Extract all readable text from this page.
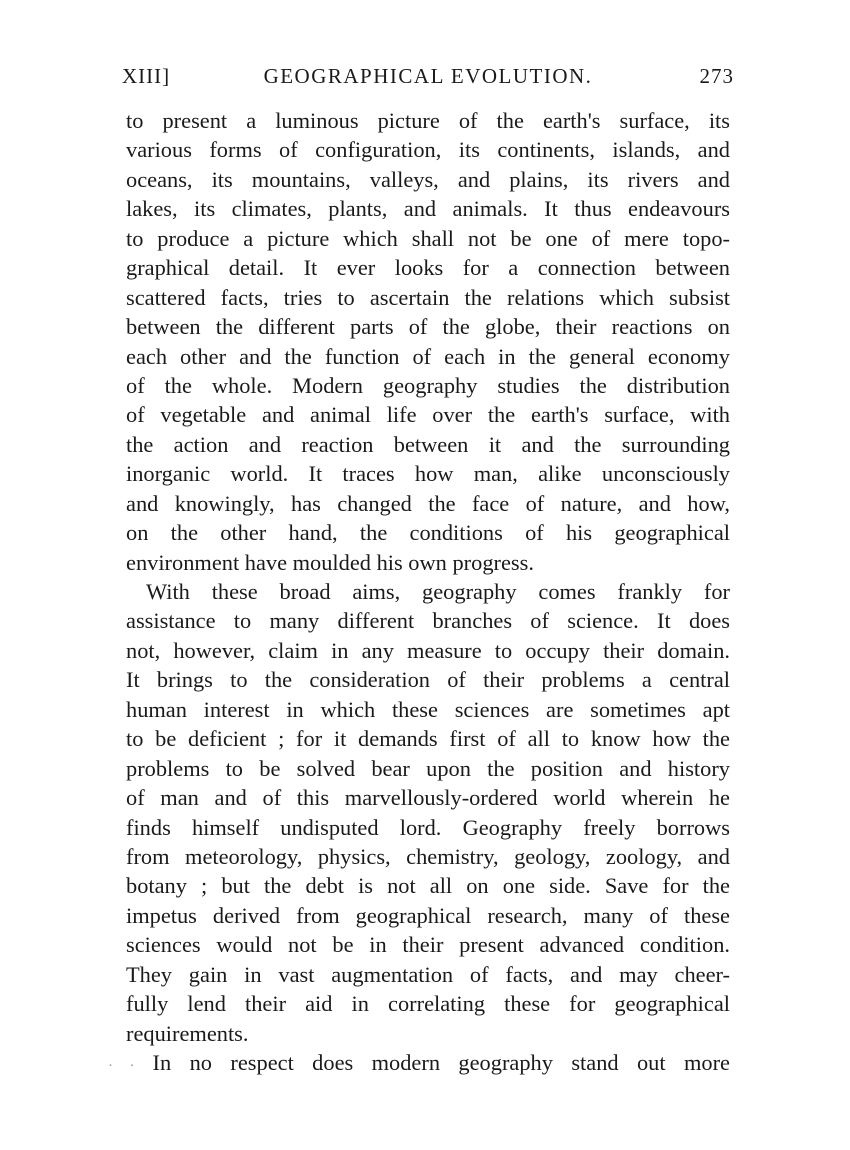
XIII]	GEOGRAPHICAL EVOLUTION.	273
to present a luminous picture of the earth's surface, its
various forms of configuration, its continents, islands, and
oceans, its mountains, valleys, and plains, its rivers and
lakes, its climates, plants, and animals. It thus endeavours
to produce a picture which shall not be one of mere topo-
graphical detail. It ever looks for a connection between
scattered facts, tries to ascertain the relations which subsist
between the different parts of the globe, their reactions on
each other and the function of each in the general economy
of the whole. Modern geography studies the distribution
of vegetable and animal life over the earth's surface, with
the action and reaction between it and the surrounding
inorganic world. It traces how man, alike unconsciously
and knowingly, has changed the face of nature, and how,
on the other hand, the conditions of his geographical
environment have moulded his own progress.
With these broad aims, geography comes frankly for
assistance to many different branches of science. It does
not, however, claim in any measure to occupy their domain.
It brings to the consideration of their problems a central
human interest in which these sciences are sometimes apt
to be deficient ; for it demands first of all to know how the
problems to be solved bear upon the position and history
of man and of this marvellously-ordered world wherein he
finds himself undisputed lord. Geography freely borrows
from meteorology, physics, chemistry, geology, zoology, and
botany ; but the debt is not all on one side. Save for the
impetus derived from geographical research, many of these
sciences would not be in their present advanced condition.
They gain in vast augmentation of facts, and may cheer-
fully lend their aid in correlating these for geographical
requirements.
· · In no respect does modern geography stand out more
